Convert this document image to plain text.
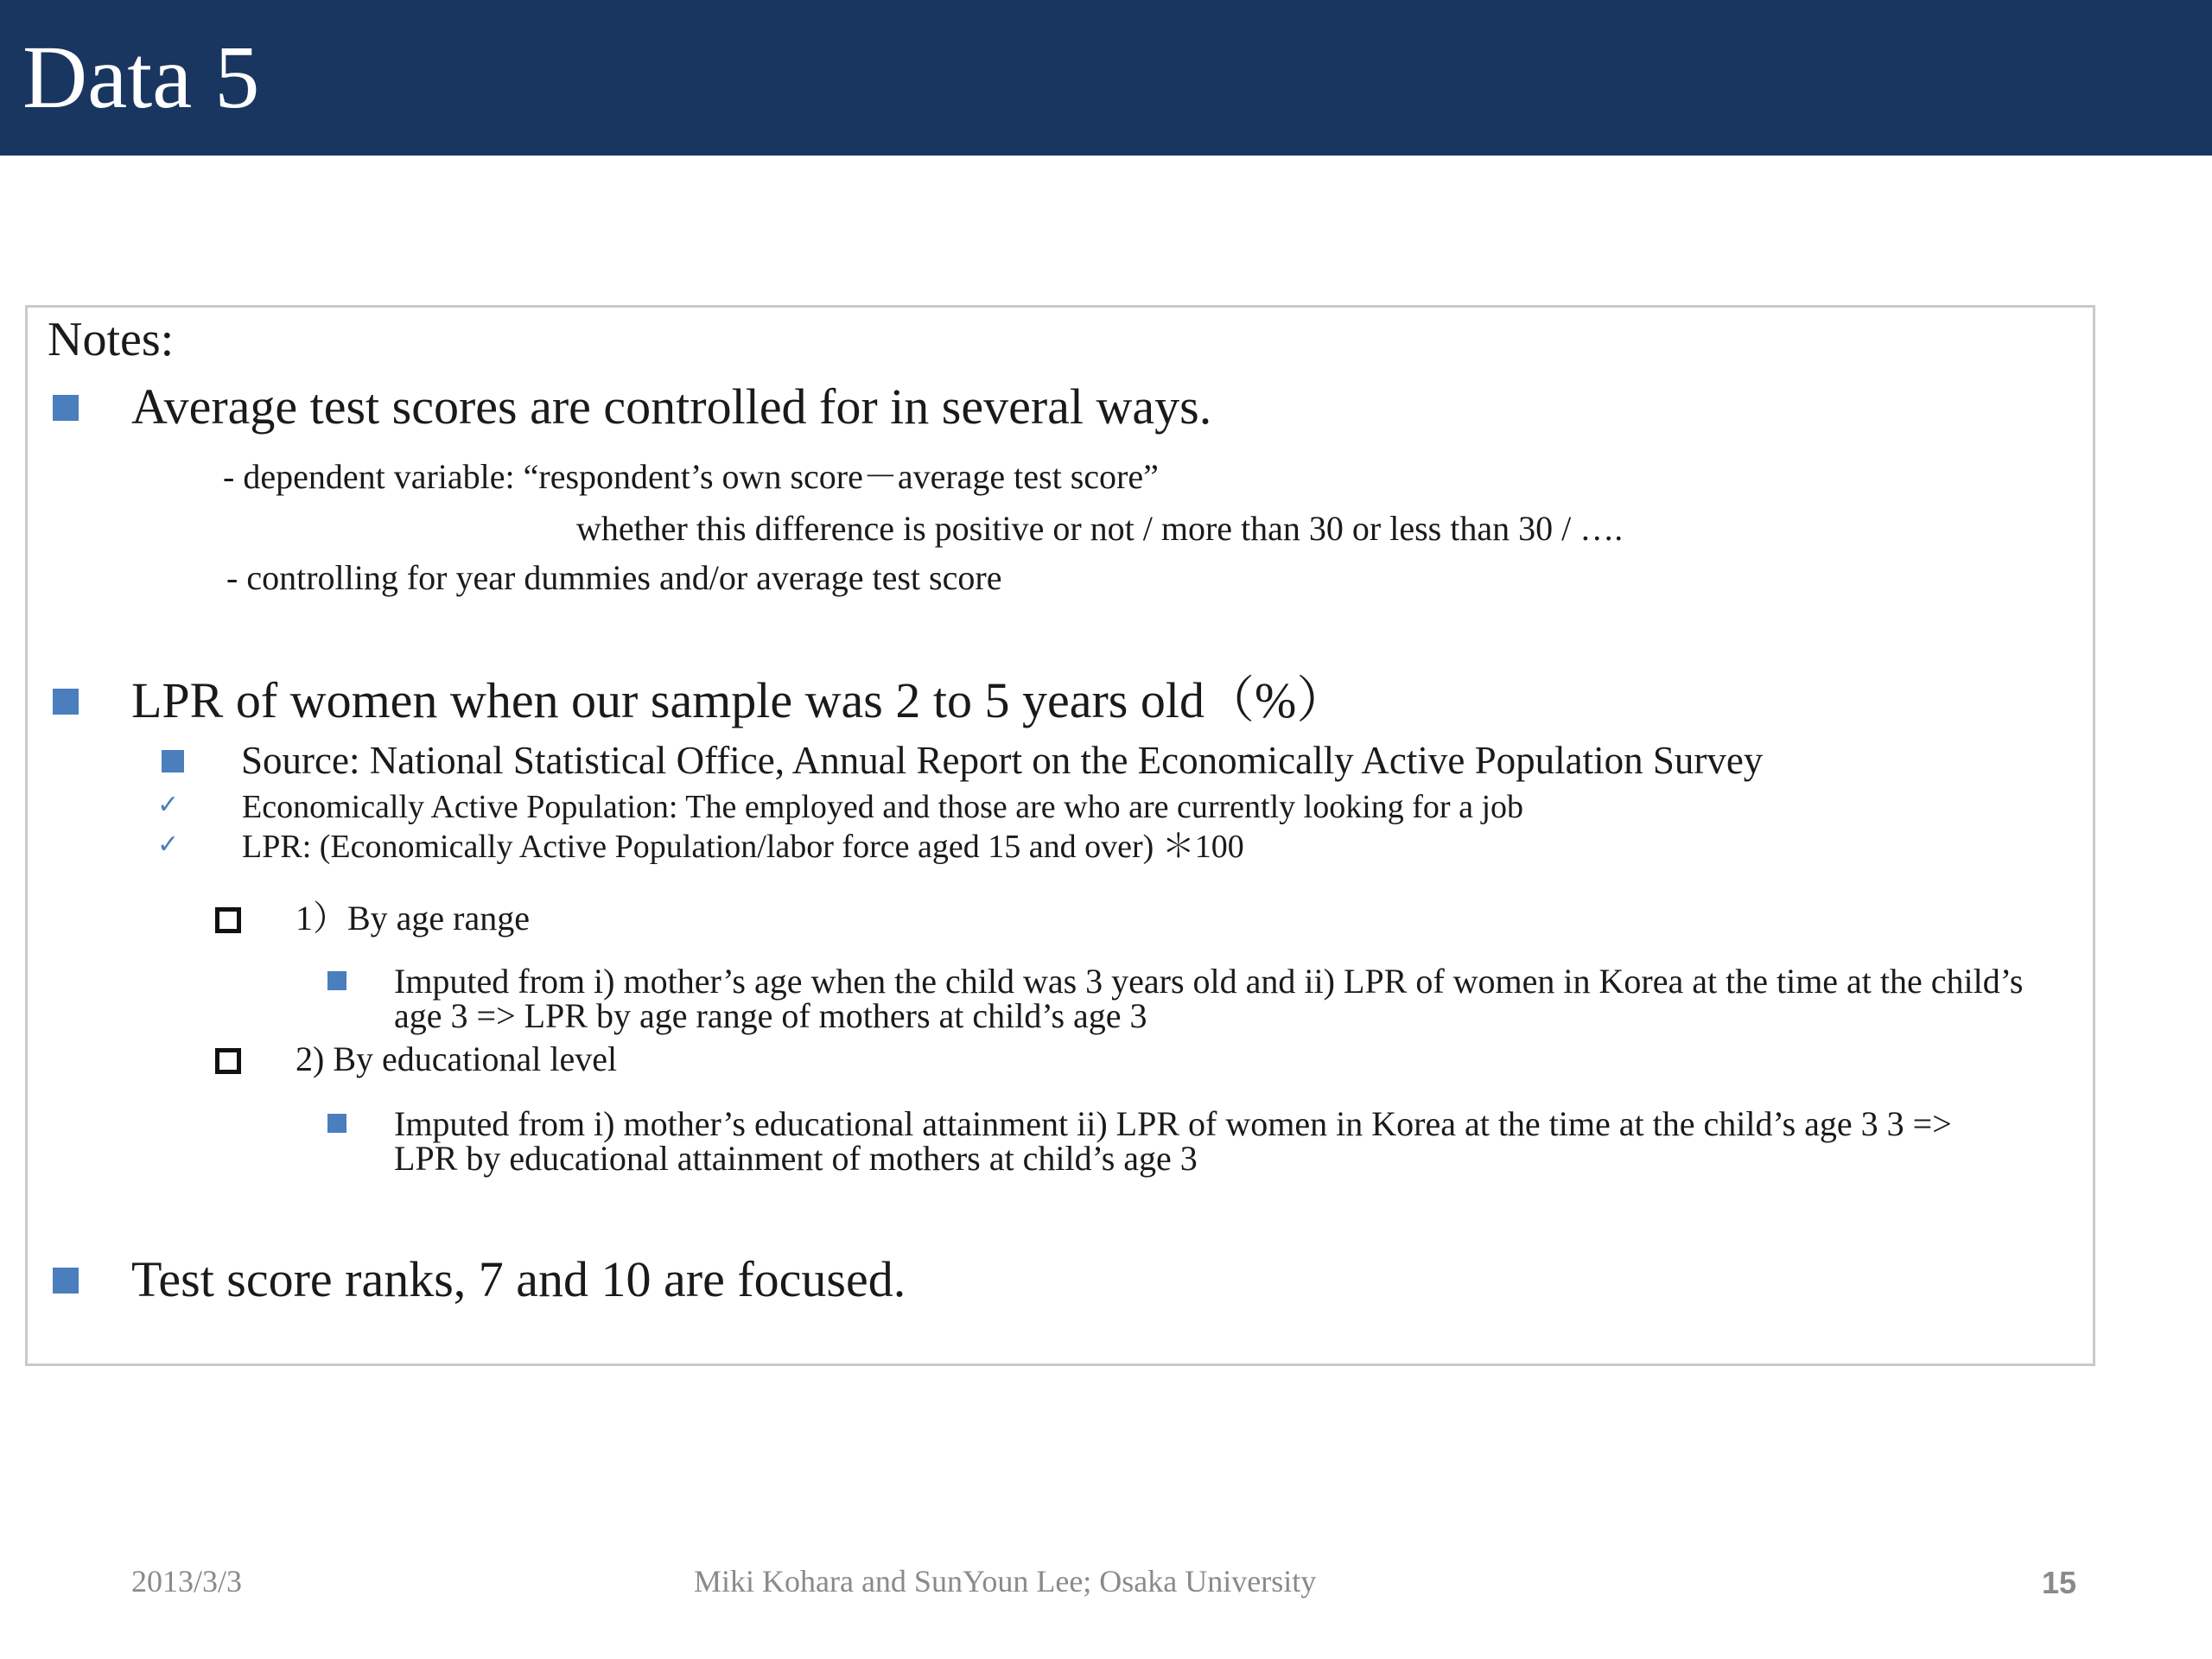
Data 5
Notes:
Average test scores are controlled for in several ways.
- dependent variable: “respondent’s own score－average test score”
whether this difference is positive or not / more than 30 or less than 30 / ….
- controlling for year dummies and/or average test score
LPR of women when our sample was 2 to 5 years old（%）
Source: National Statistical Office, Annual Report on the Economically Active Population Survey
✓ Economically Active Population: The employed and those are who are currently looking for a job
✓ LPR: (Economically Active Population/labor force aged 15 and over) ＊100
1）By age range
Imputed from i) mother’s age when the child was 3 years old and ii) LPR of women in Korea at the time at the child’s
age 3 => LPR by age range of mothers at child’s age 3
2) By educational level
Imputed from i) mother’s educational attainment ii) LPR of women in Korea at the time at the child’s age 3 3 =>
LPR by educational attainment of mothers at child’s age 3
Test score ranks, 7 and 10 are focused.
2013/3/3	Miki Kohara and SunYoun Lee; Osaka University	15
